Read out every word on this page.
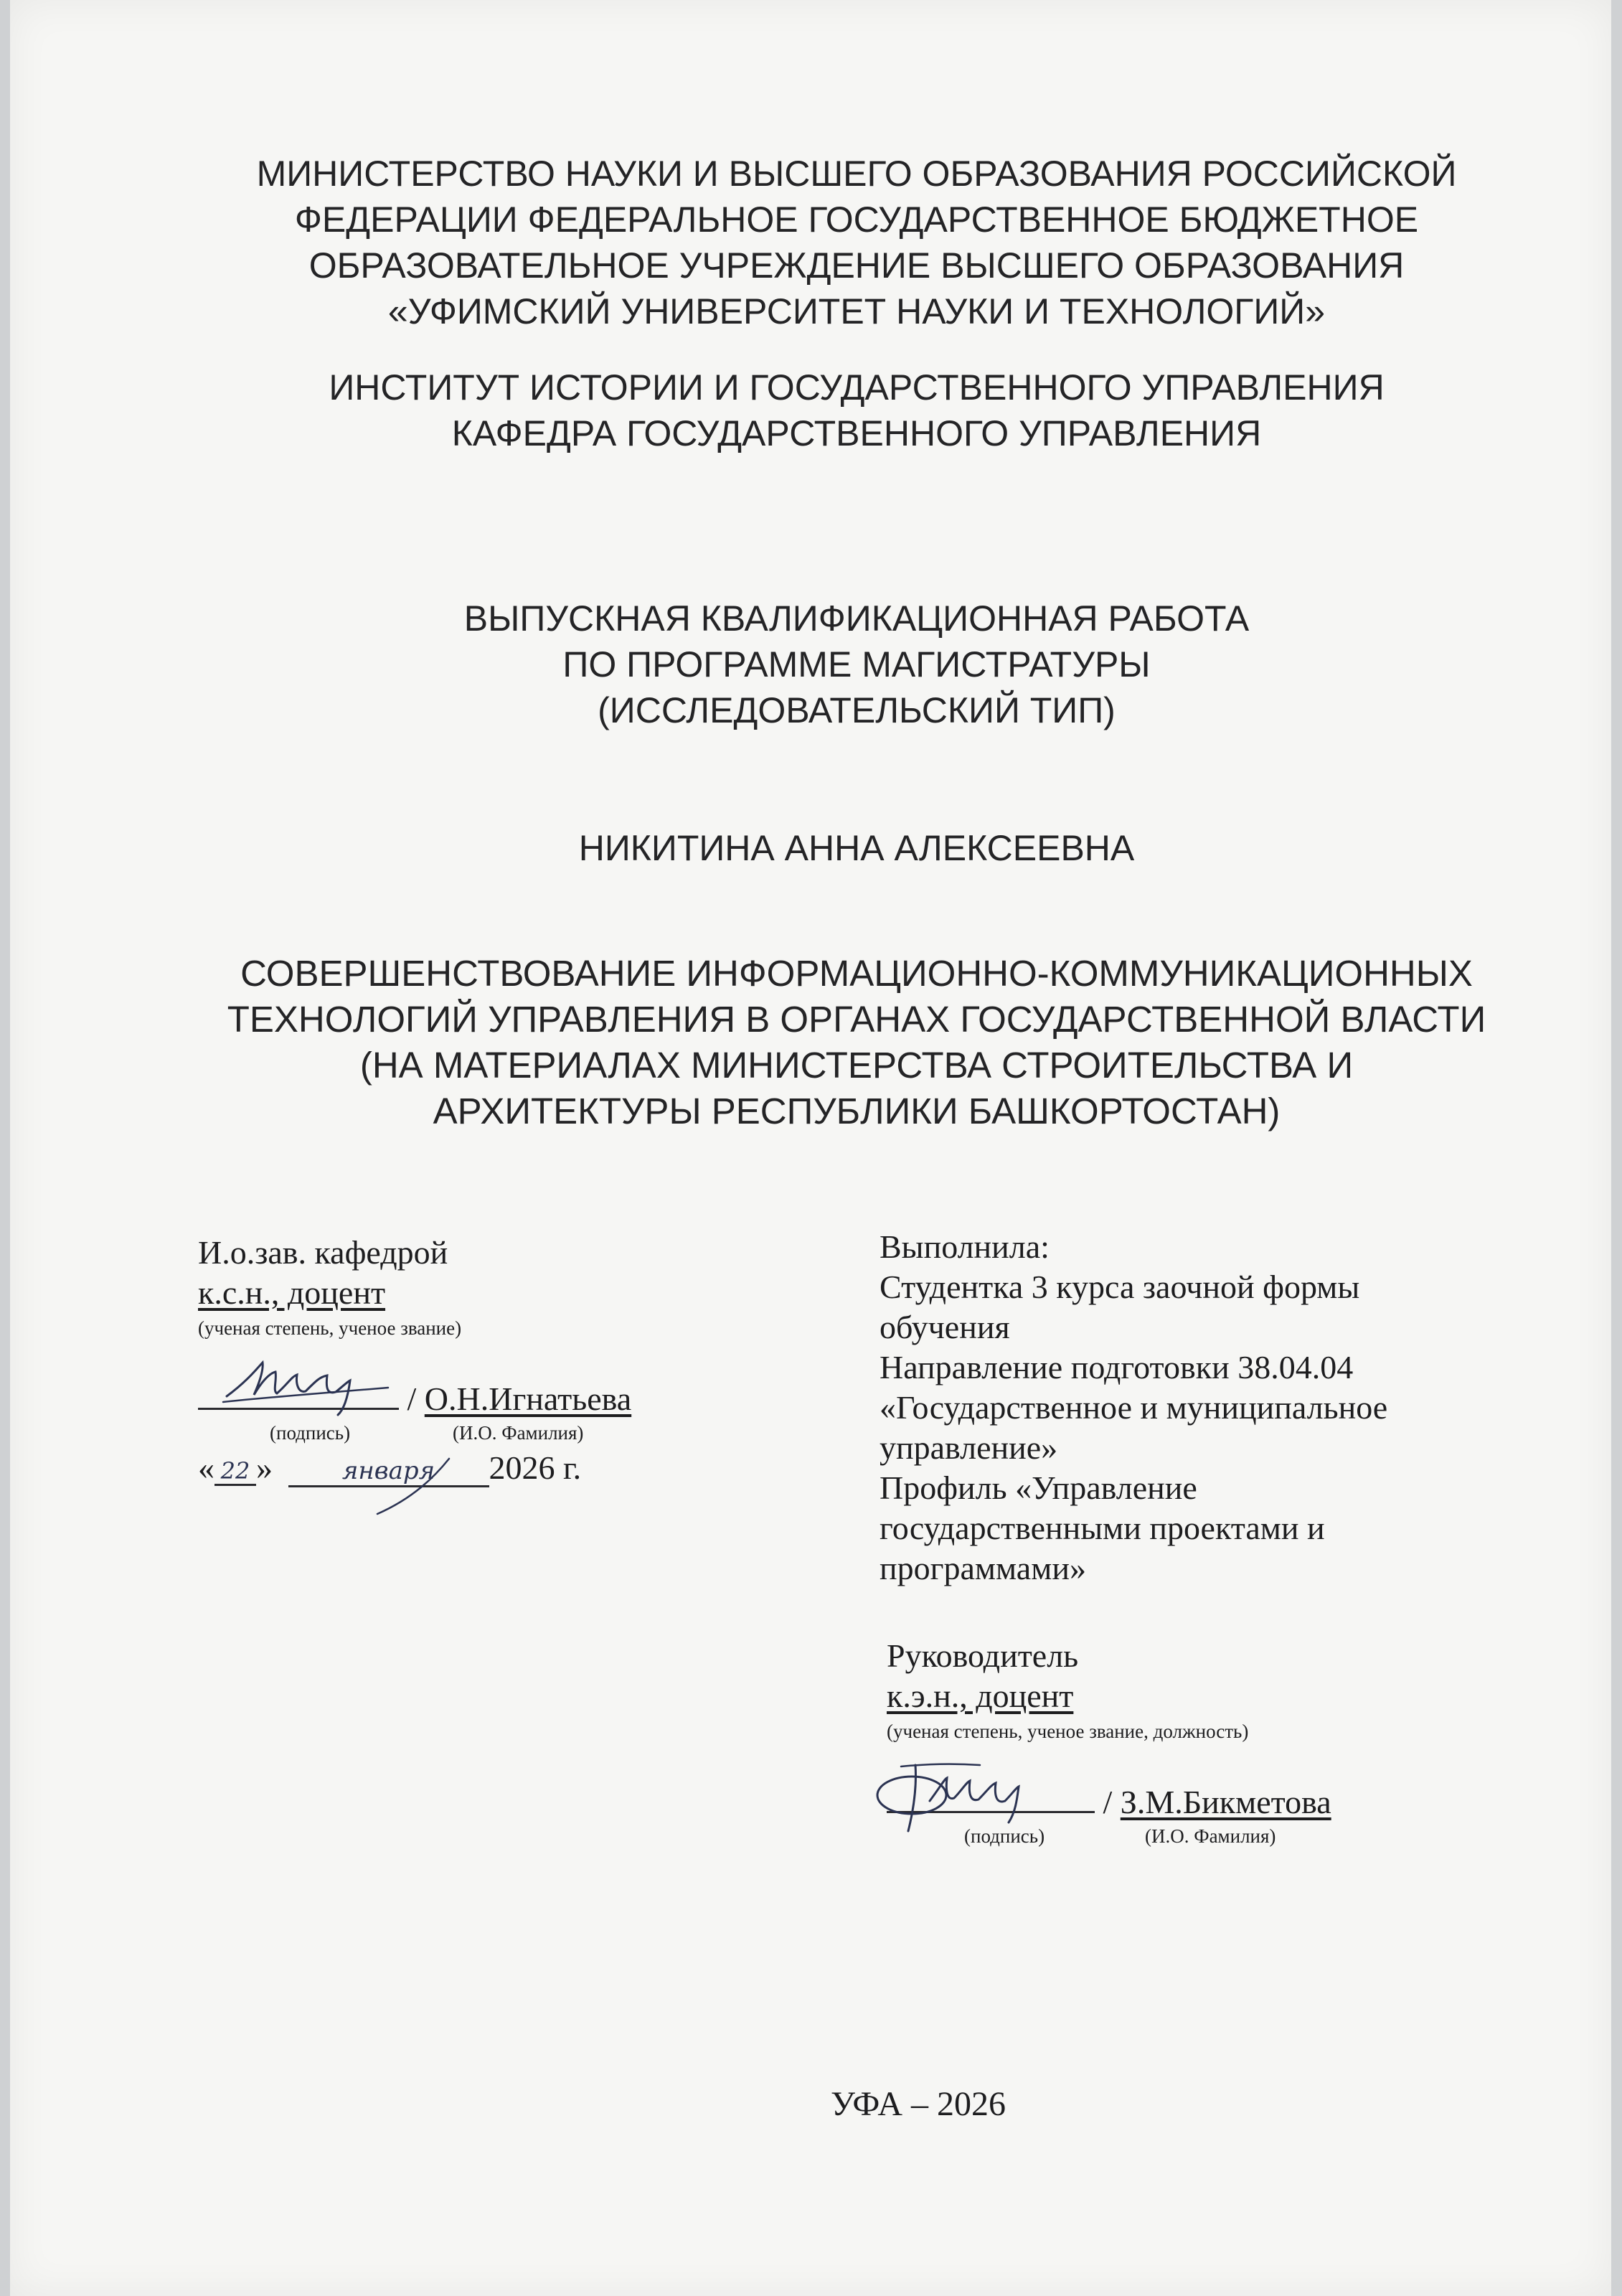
МИНИСТЕРСТВО НАУКИ И ВЫСШЕГО ОБРАЗОВАНИЯ РОССИЙСКОЙ
ФЕДЕРАЦИИ ФЕДЕРАЛЬНОЕ ГОСУДАРСТВЕННОЕ БЮДЖЕТНОЕ
ОБРАЗОВАТЕЛЬНОЕ УЧРЕЖДЕНИЕ ВЫСШЕГО ОБРАЗОВАНИЯ
«УФИМСКИЙ УНИВЕРСИТЕТ НАУКИ И ТЕХНОЛОГИЙ»
ИНСТИТУТ ИСТОРИИ И ГОСУДАРСТВЕННОГО УПРАВЛЕНИЯ
КАФЕДРА ГОСУДАРСТВЕННОГО УПРАВЛЕНИЯ
ВЫПУСКНАЯ КВАЛИФИКАЦИОННАЯ РАБОТА
ПО ПРОГРАММЕ МАГИСТРАТУРЫ
(ИССЛЕДОВАТЕЛЬСКИЙ ТИП)
НИКИТИНА АННА АЛЕКСЕЕВНА
СОВЕРШЕНСТВОВАНИЕ ИНФОРМАЦИОННО-КОММУНИКАЦИОННЫХ
ТЕХНОЛОГИЙ УПРАВЛЕНИЯ В ОРГАНАХ ГОСУДАРСТВЕННОЙ ВЛАСТИ
(НА МАТЕРИАЛАХ МИНИСТЕРСТВА СТРОИТЕЛЬСТВА И
АРХИТЕКТУРЫ РЕСПУБЛИКИ БАШКОРТОСТАН)
И.о.зав. кафедрой
к.с.н., доцент
(ученая степень, ученое звание)

/ О.Н.Игнатьева
(подпись)	(И.О. Фамилия)
« 22 »	января 2026 г.
Выполнила:
Студентка 3 курса заочной формы
обучения
Направление подготовки 38.04.04
«Государственное и муниципальное
управление»
Профиль «Управление
государственными проектами и
программами»
Руководитель
к.э.н., доцент
(ученая степень, ученое звание, должность)

/ З.М.Бикметова
(подпись)	(И.О. Фамилия)
УФА – 2026
